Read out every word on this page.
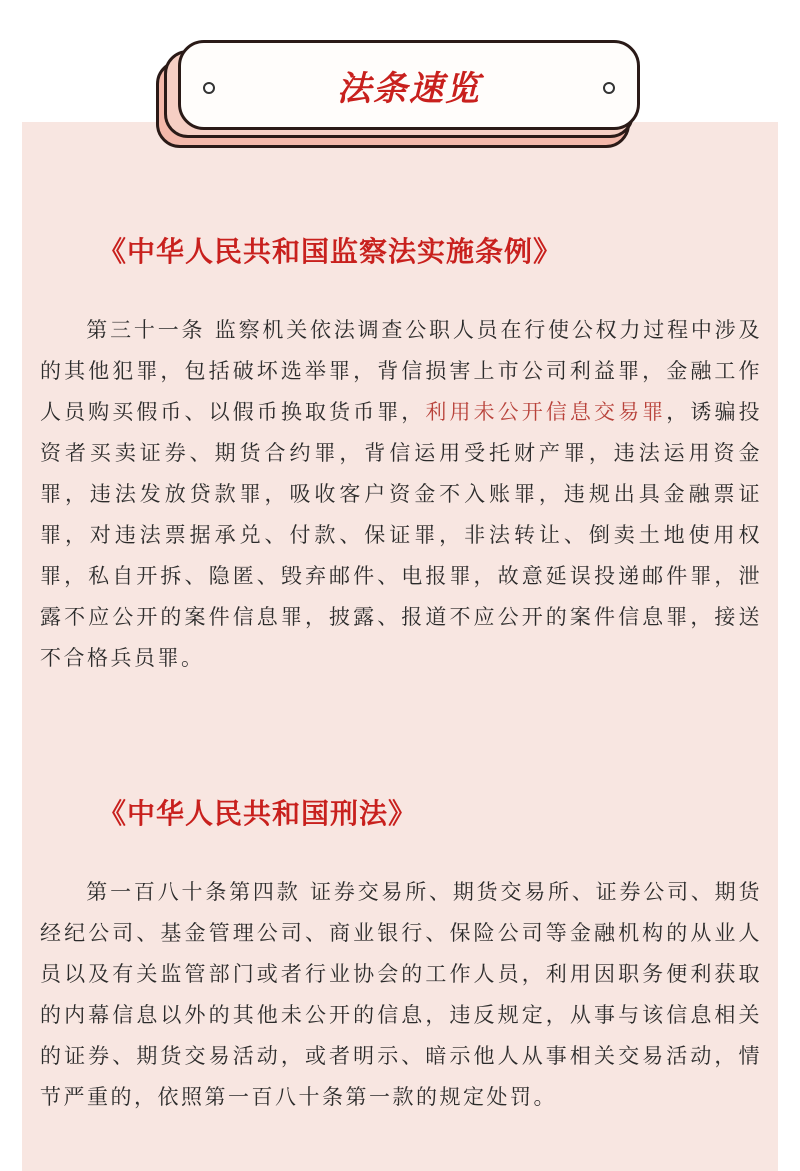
法条速览
《中华人民共和国监察法实施条例》
第三十一条 监察机关依法调查公职人员在行使公权力过程中涉及的其他犯罪，包括破坏选举罪，背信损害上市公司利益罪，金融工作人员购买假币、以假币换取货币罪，利用未公开信息交易罪，诱骗投资者买卖证券、期货合约罪，背信运用受托财产罪，违法运用资金罪，违法发放贷款罪，吸收客户资金不入账罪，违规出具金融票证罪，对违法票据承兑、付款、保证罪，非法转让、倒卖土地使用权罪，私自开拆、隐匿、毁弃邮件、电报罪，故意延误投递邮件罪，泄露不应公开的案件信息罪，披露、报道不应公开的案件信息罪，接送不合格兵员罪。
《中华人民共和国刑法》
第一百八十条第四款 证券交易所、期货交易所、证券公司、期货经纪公司、基金管理公司、商业银行、保险公司等金融机构的从业人员以及有关监管部门或者行业协会的工作人员，利用因职务便利获取的内幕信息以外的其他未公开的信息，违反规定，从事与该信息相关的证券、期货交易活动，或者明示、暗示他人从事相关交易活动，情节严重的，依照第一百八十条第一款的规定处罚。
